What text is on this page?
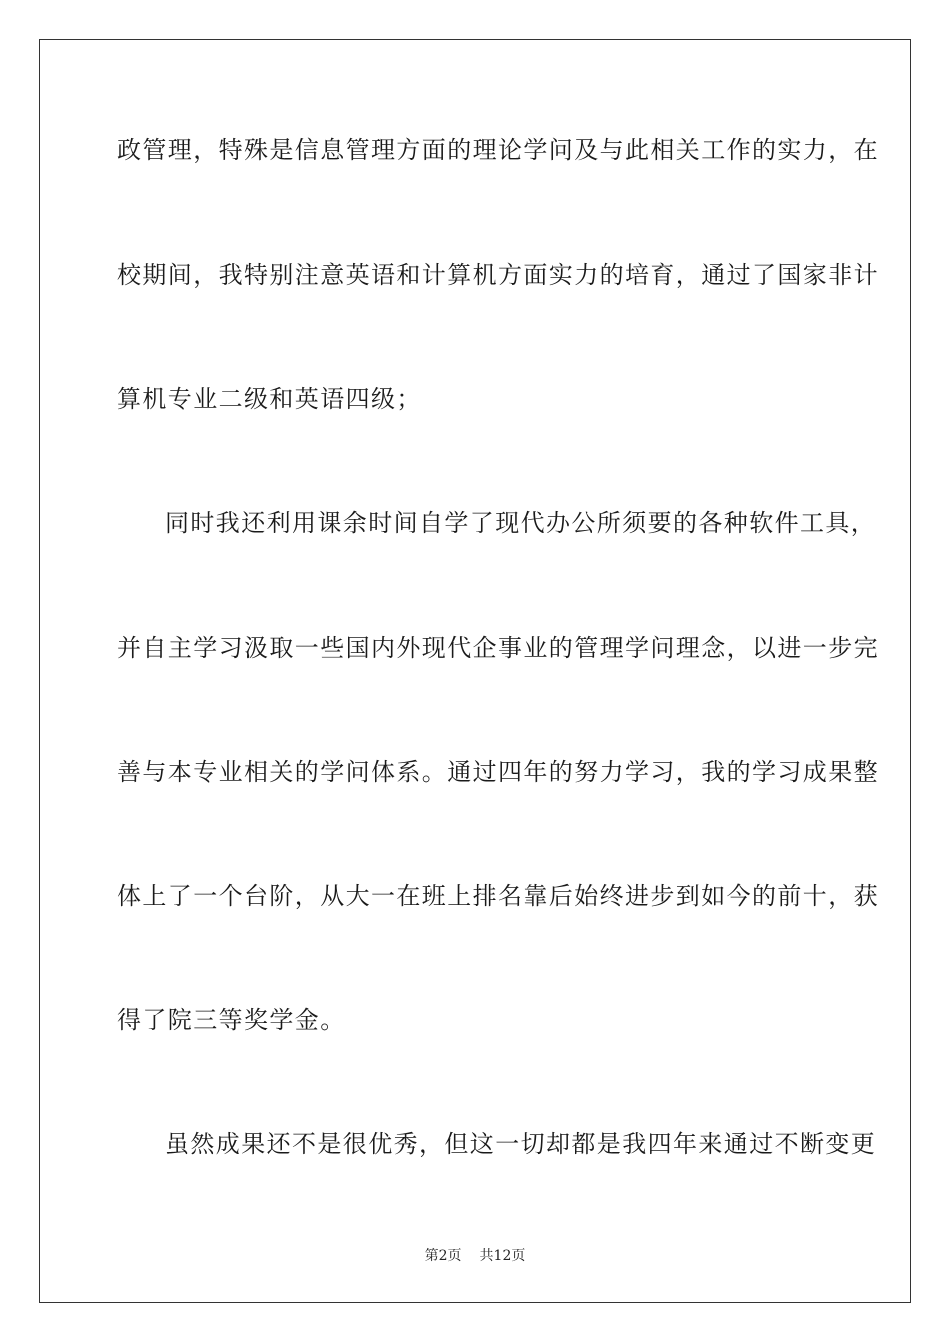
政管理，特殊是信息管理方面的理论学问及与此相关工作的实力，在
校期间，我特别注意英语和计算机方面实力的培育，通过了国家非计
算机专业二级和英语四级；
同时我还利用课余时间自学了现代办公所须要的各种软件工具，
并自主学习汲取一些国内外现代企事业的管理学问理念，以进一步完
善与本专业相关的学问体系。通过四年的努力学习，我的学习成果整
体上了一个台阶，从大一在班上排名靠后始终进步到如今的前十，获
得了院三等奖学金。
虽然成果还不是很优秀，但这一切却都是我四年来通过不断变更
第2页 共12页
